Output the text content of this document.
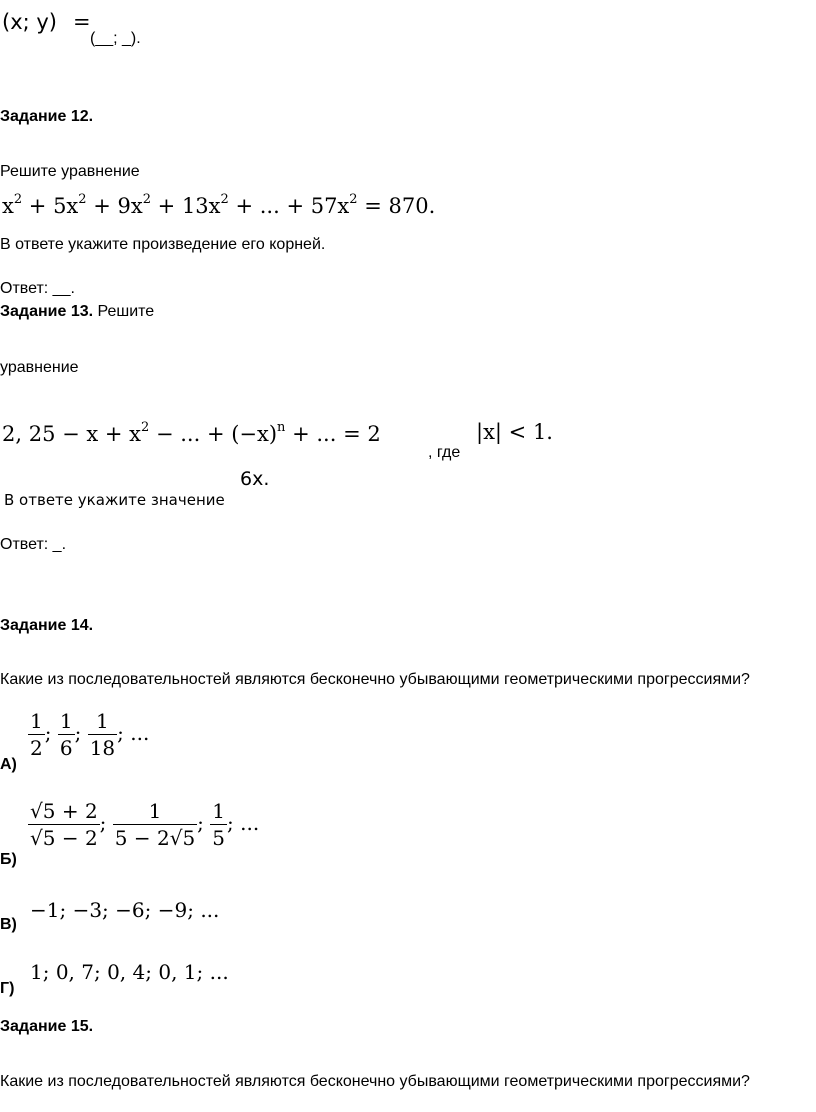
(x; y) =
(__; _).
Задание 12.
Решите уравнение
$x^2 + 5x^2 + 9x^2 + 13x^2$ + ... + $57x^2 = 870$.
В ответе укажите произведение его корней.
Ответ: __.
Задание 13. Решите
уравнение
2, $25 - x + x^2$ − ... + $(-x)^n$ + ... = 2
, где
|x| < 1.
6x.
В ответе укажите значение
Ответ: _.
Задание 14.
Какие из последовательностей являются бесконечно убывающими геометрическими прогрессиями?
$\frac{1}{2}$ ; $\frac{1}{6}$ ; $\frac{1}{18}$ ; ...
А)
$\frac{√5 + 2}{√5 - 2}$ ; $\frac{1}{5 - 2√5}$ ; $\frac{1}{5}$ ; ...
Б)
−1; −3; −6; −9; ...
В)
1; 0, 7; 0, 4; 0, 1; ...
Г)
Задание 15.
Какие из последовательностей являются бесконечно убывающими геометрическими прогрессиями?
